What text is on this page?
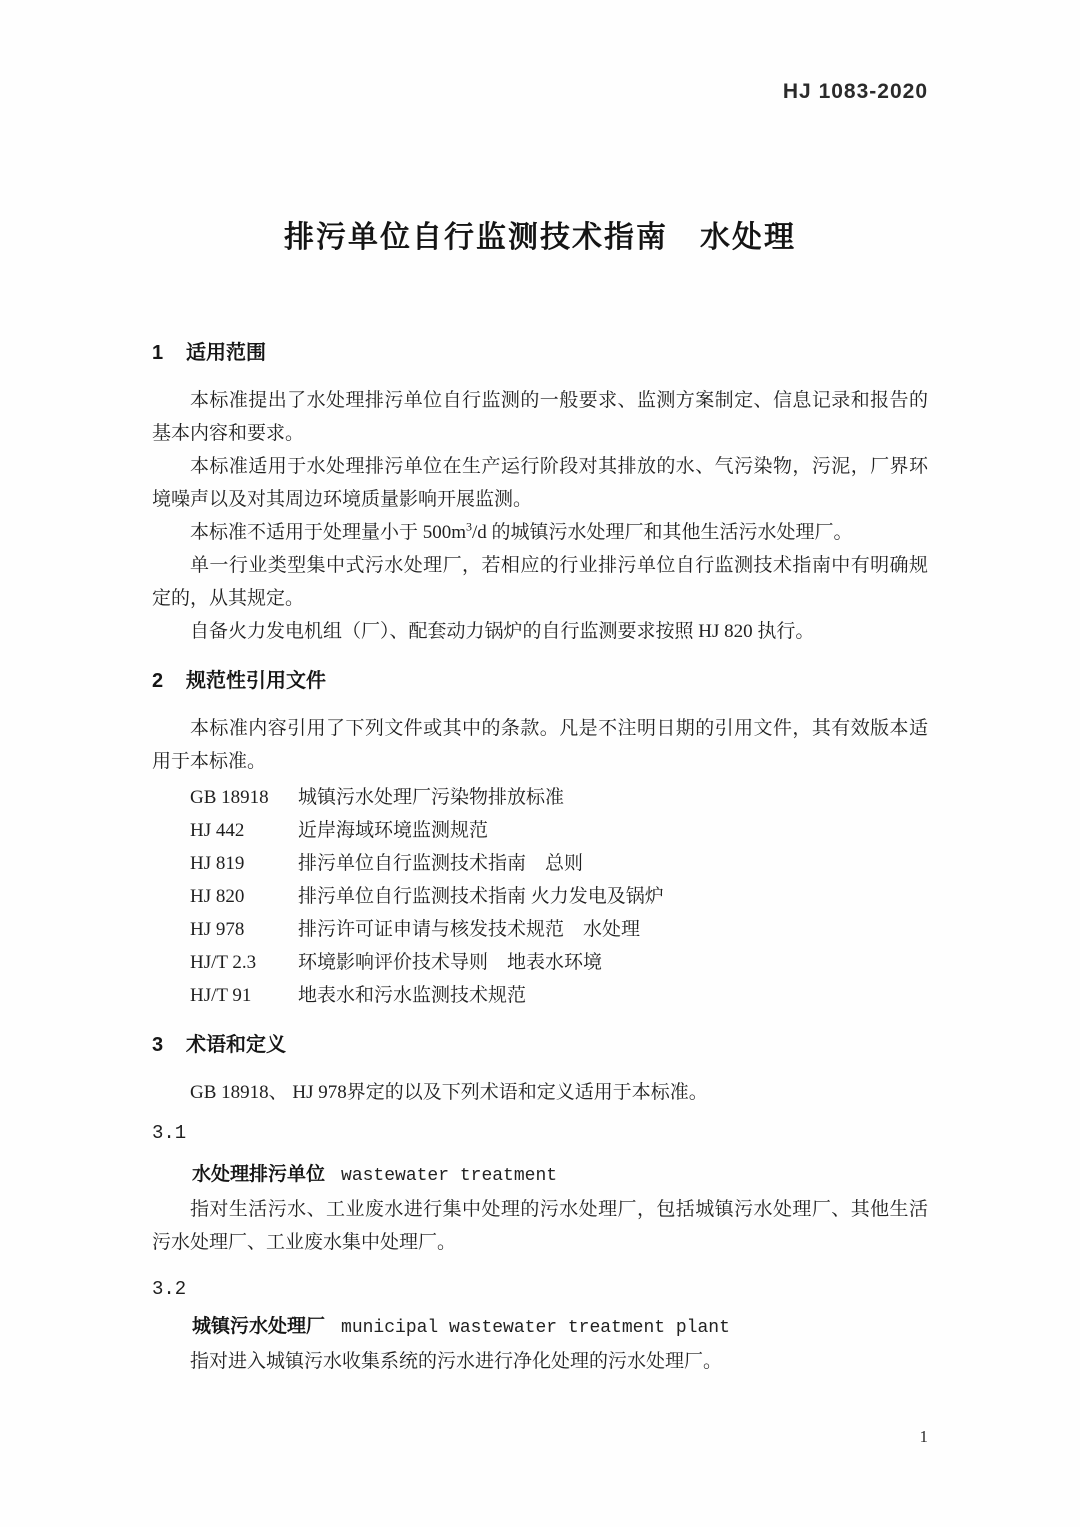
HJ 1083-2020
排污单位自行监测技术指南　水处理
1 适用范围

本标准提出了水处理排污单位自行监测的一般要求、监测方案制定、信息记录和报告的基本内容和要求。

本标准适用于水处理排污单位在生产运行阶段对其排放的水、气污染物，污泥，厂界环境噪声以及对其周边环境质量影响开展监测。

本标准不适用于处理量小于 $500m^3/d$ 的城镇污水处理厂和其他生活污水处理厂。

单一行业类型集中式污水处理厂，若相应的行业排污单位自行监测技术指南中有明确规定的，从其规定。

自备火力发电机组（厂）、配套动力锅炉的自行监测要求按照 HJ 820 执行。

2 规范性引用文件

本标准内容引用了下列文件或其中的条款。凡是不注明日期的引用文件，其有效版本适用于本标准。

GB 18918	城镇污水处理厂污染物排放标准
HJ 442	近岸海域环境监测规范
HJ 819	排污单位自行监测技术指南　总则
HJ 820	排污单位自行监测技术指南 火力发电及锅炉
HJ 978	排污许可证申请与核发技术规范　水处理
HJ/T 2.3	环境影响评价技术导则　地表水环境
HJ/T 91	地表水和污水监测技术规范
3 术语和定义

GB 18918、 HJ 978界定的以及下列术语和定义适用于本标准。

3.1
水处理排污单位 wastewater treatment

指对生活污水、工业废水进行集中处理的污水处理厂，包括城镇污水处理厂、其他生活污水处理厂、工业废水集中处理厂。

3.2
城镇污水处理厂 municipal wastewater treatment plant

指对进入城镇污水收集系统的污水进行净化处理的污水处理厂。

1
